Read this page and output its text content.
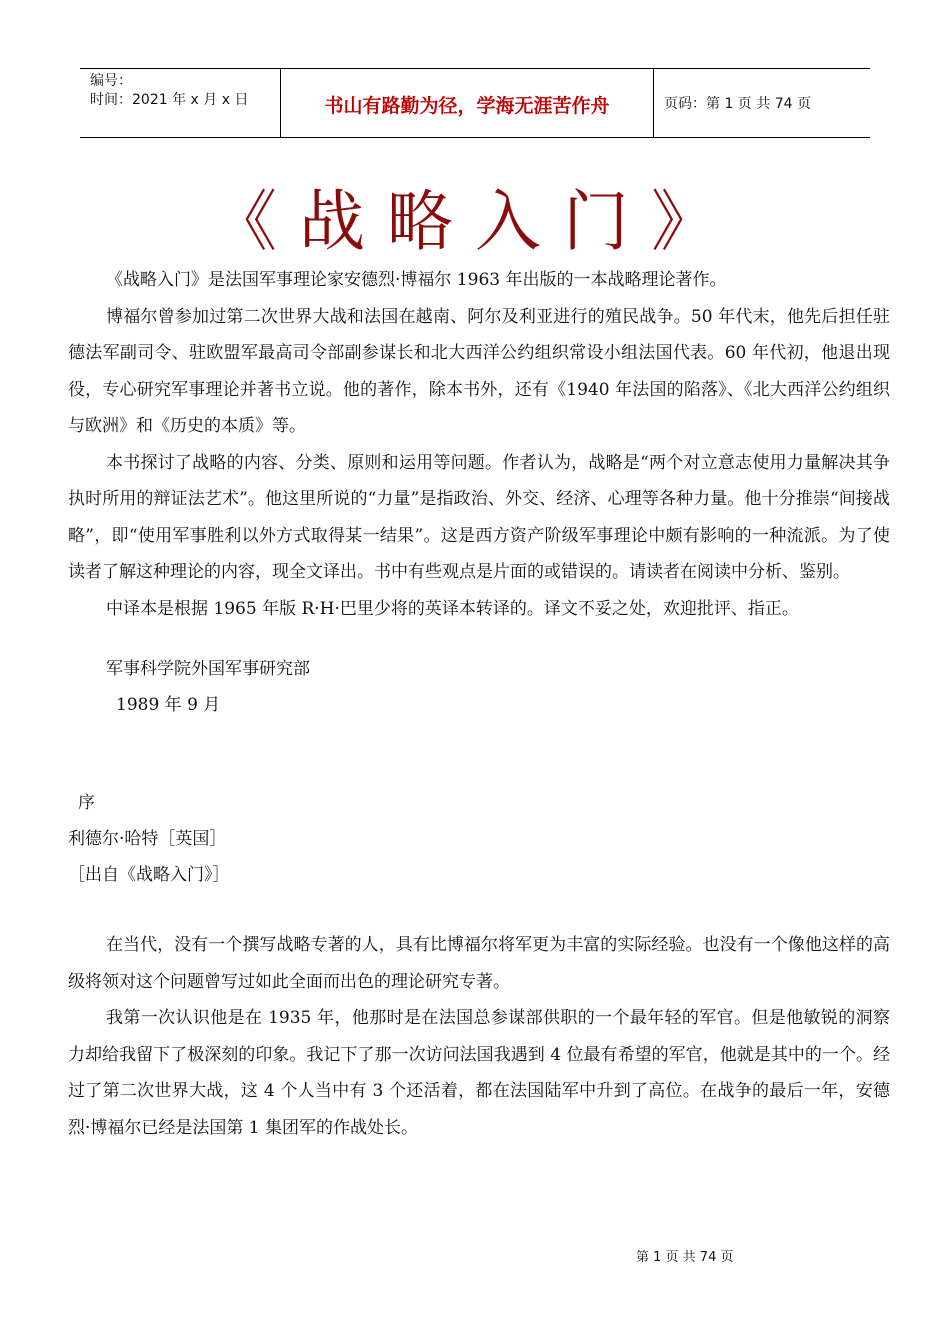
编号：
时间：2021 年 x 月 x 日	书山有路勤为径，学海无涯苦作舟	页码：第 1 页 共 74 页
《战略入门》

《战略入门》是法国军事理论家安德烈·博福尔 1963 年出版的一本战略理论著作。

博福尔曾参加过第二次世界大战和法国在越南、阿尔及利亚进行的殖民战争。50 年代末，他先后担任驻德法军副司令、驻欧盟军最高司令部副参谋长和北大西洋公约组织常设小组法国代表。60 年代初，他退出现役，专心研究军事理论并著书立说。他的著作，除本书外，还有《1940 年法国的陷落》、《北大西洋公约组织与欧洲》和《历史的本质》等。

本书探讨了战略的内容、分类、原则和运用等问题。作者认为，战略是“两个对立意志使用力量解决其争执时所用的辩证法艺术”。他这里所说的“力量”是指政治、外交、经济、心理等各种力量。他十分推崇“间接战略”，即“使用军事胜利以外方式取得某一结果”。这是西方资产阶级军事理论中颇有影响的一种流派。为了使读者了解这种理论的内容，现全文译出。书中有些观点是片面的或错误的。请读者在阅读中分析、鉴别。

中译本是根据 1965 年版 R·H·巴里少将的英译本转译的。译文不妥之处，欢迎批评、指正。

军事科学院外国军事研究部

1989 年 9 月

序

利德尔·哈特［英国］

［出自《战略入门》］

在当代，没有一个撰写战略专著的人，具有比博福尔将军更为丰富的实际经验。也没有一个像他这样的高级将领对这个问题曾写过如此全面而出色的理论研究专著。

我第一次认识他是在 1935 年，他那时是在法国总参谋部供职的一个最年轻的军官。但是他敏锐的洞察力却给我留下了极深刻的印象。我记下了那一次访问法国我遇到 4 位最有希望的军官，他就是其中的一个。经过了第二次世界大战，这 4 个人当中有 3 个还活着，都在法国陆军中升到了高位。在战争的最后一年，安德烈·博福尔已经是法国第 1 集团军的作战处长。

第 1 页 共 74 页
